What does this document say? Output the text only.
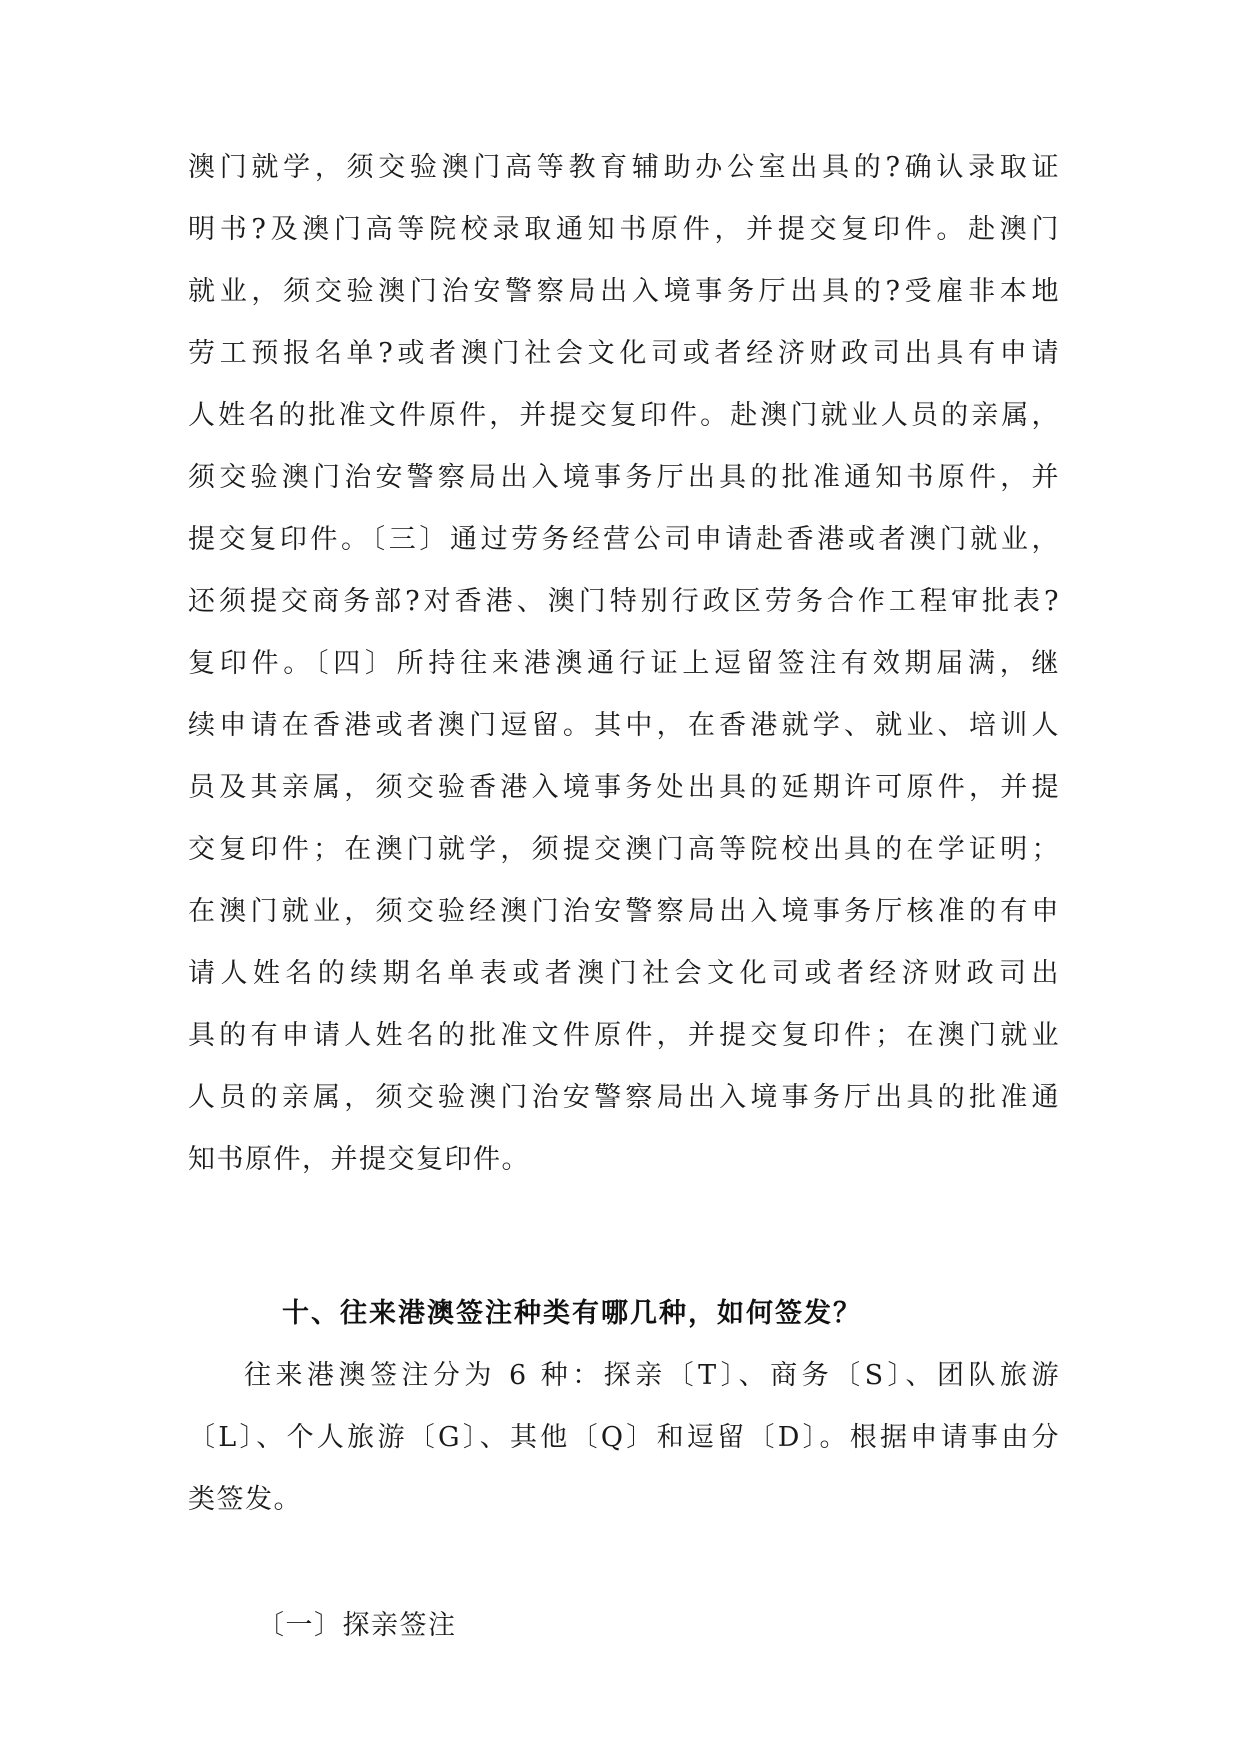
澳门就学，须交验澳门高等教育辅助办公室出具的?确认录取证
明书?及澳门高等院校录取通知书原件，并提交复印件。赴澳门
就业，须交验澳门治安警察局出入境事务厅出具的?受雇非本地
劳工预报名单?或者澳门社会文化司或者经济财政司出具有申请
人姓名的批准文件原件，并提交复印件。赴澳门就业人员的亲属，
须交验澳门治安警察局出入境事务厅出具的批准通知书原件，并
提交复印件。〔三〕通过劳务经营公司申请赴香港或者澳门就业，
还须提交商务部?对香港、澳门特别行政区劳务合作工程审批表?
复印件。〔四〕所持往来港澳通行证上逗留签注有效期届满，继
续申请在香港或者澳门逗留。其中，在香港就学、就业、培训人
员及其亲属，须交验香港入境事务处出具的延期许可原件，并提
交复印件；在澳门就学，须提交澳门高等院校出具的在学证明；
在澳门就业，须交验经澳门治安警察局出入境事务厅核准的有申
请人姓名的续期名单表或者澳门社会文化司或者经济财政司出
具的有申请人姓名的批准文件原件，并提交复印件；在澳门就业
人员的亲属，须交验澳门治安警察局出入境事务厅出具的批准通
知书原件，并提交复印件。
十、往来港澳签注种类有哪几种，如何签发？
往来港澳签注分为 6 种：探亲〔T〕、商务〔S〕、团队旅游
〔L〕、个人旅游〔G〕、其他〔Q〕和逗留〔D〕。根据申请事由分
类签发。
〔一〕探亲签注
